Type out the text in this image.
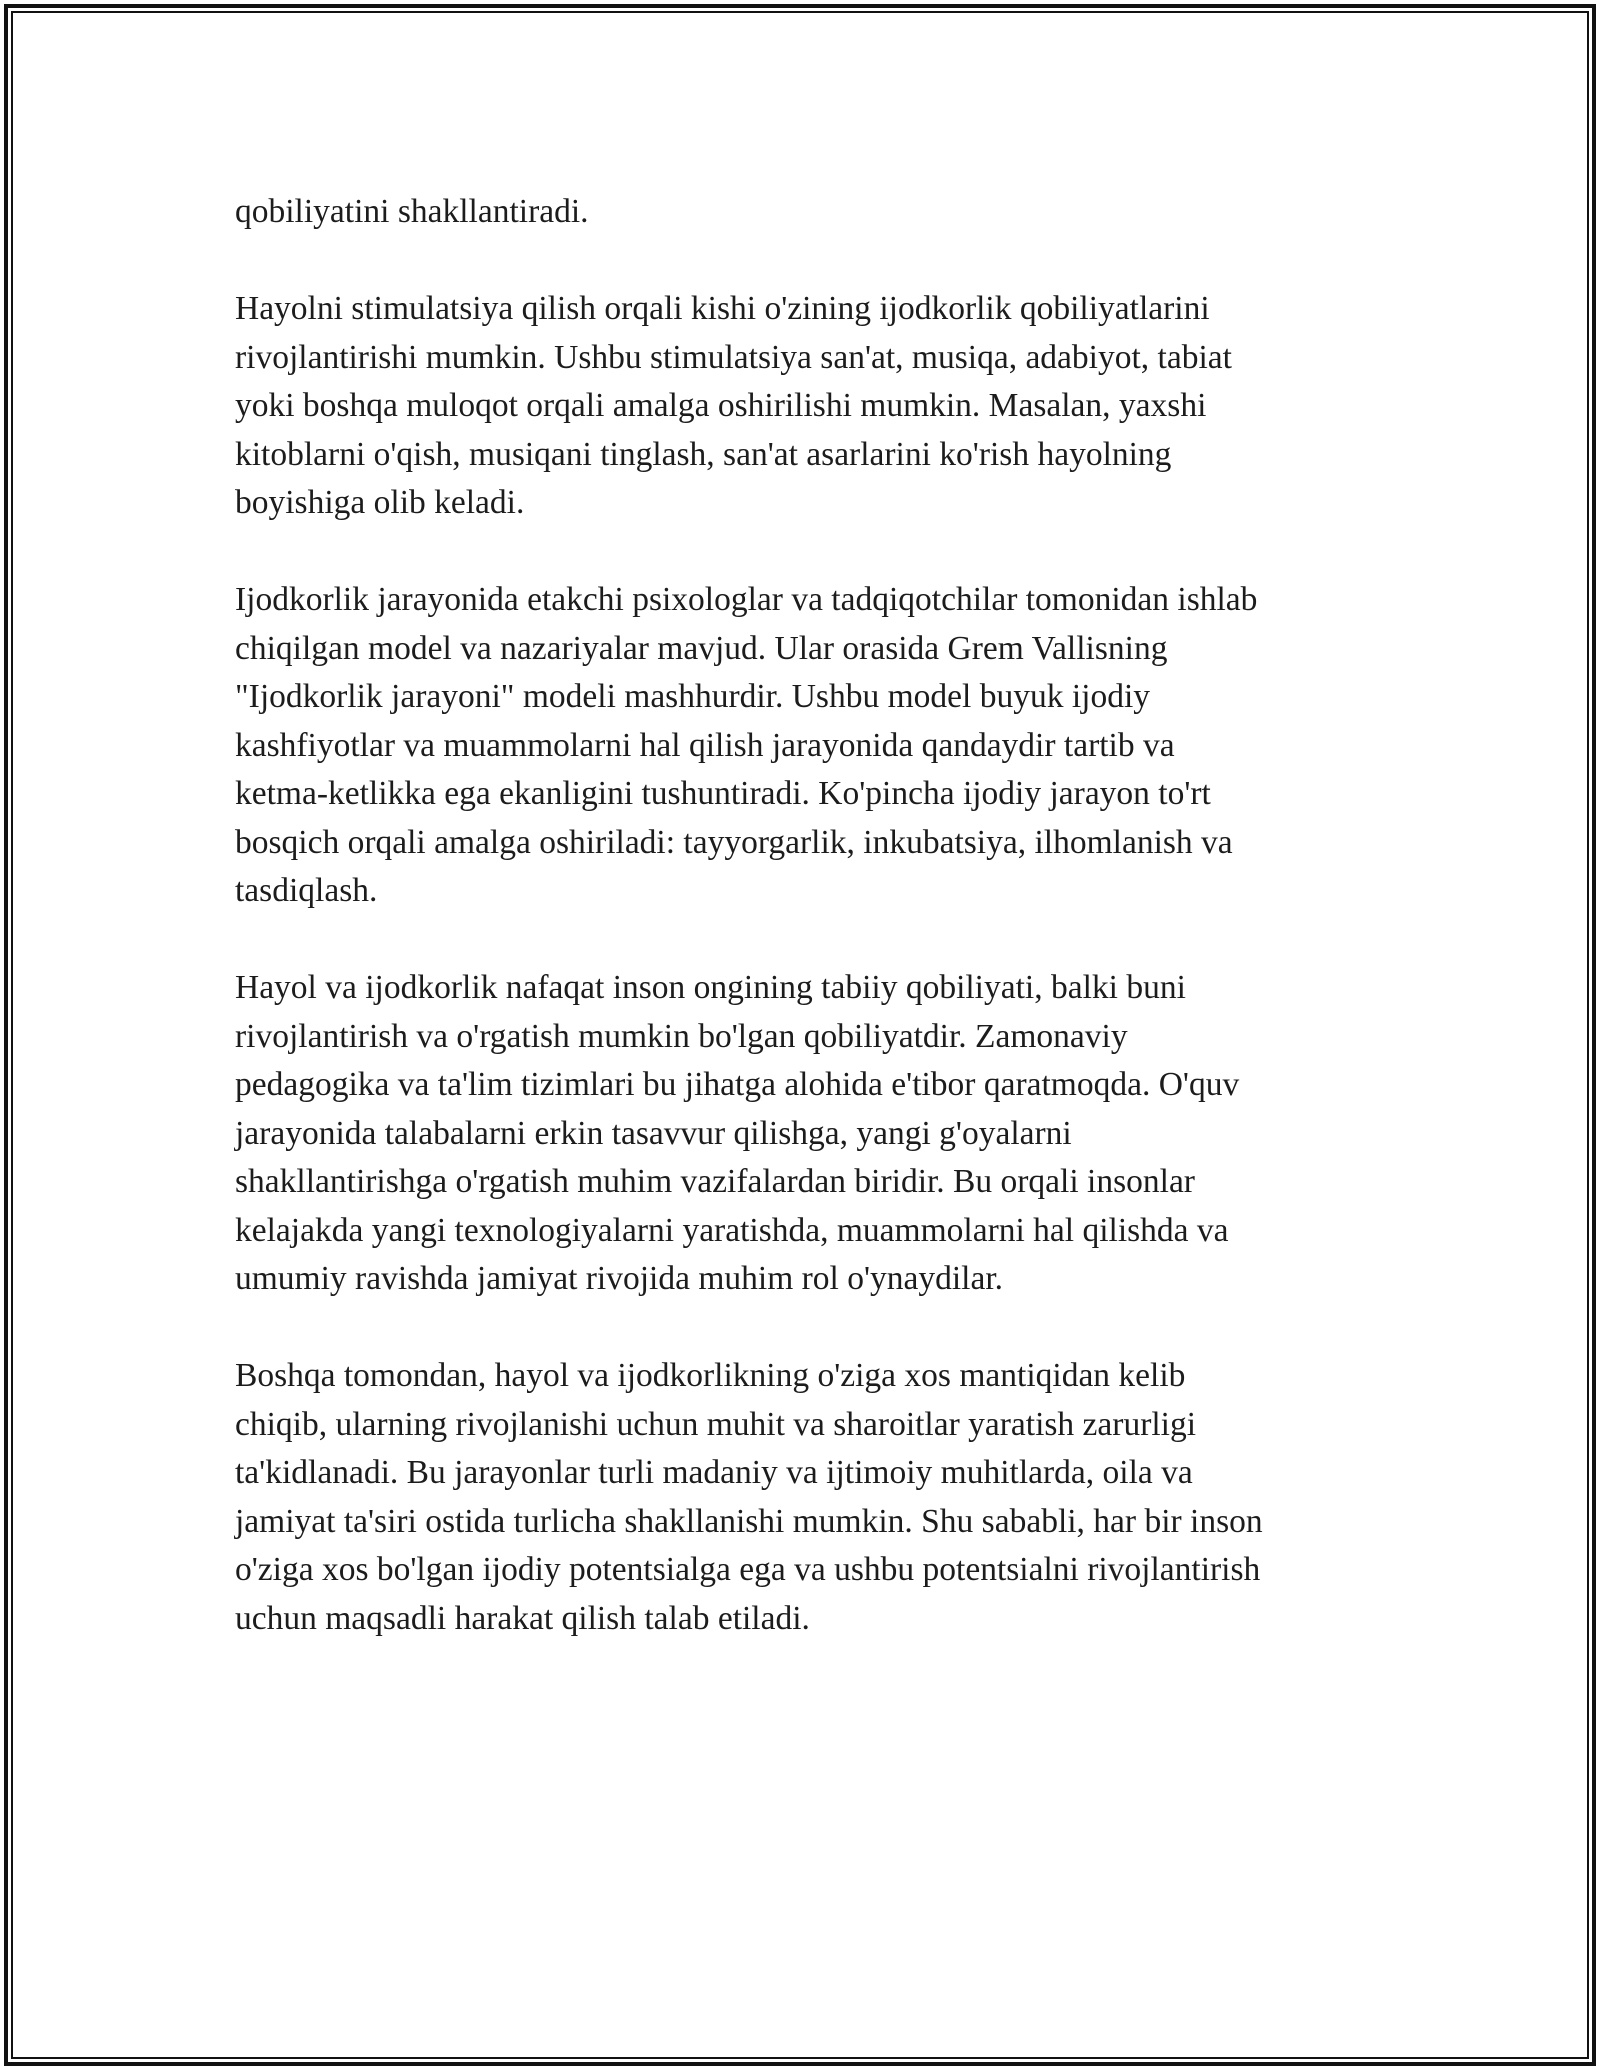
qobiliyatini shakllantiradi.

Hayolni stimulatsiya qilish orqali kishi o'zining ijodkorlik qobiliyatlarini
rivojlantirishi mumkin. Ushbu stimulatsiya san'at, musiqa, adabiyot, tabiat
yoki boshqa muloqot orqali amalga oshirilishi mumkin. Masalan, yaxshi
kitoblarni o'qish, musiqani tinglash, san'at asarlarini ko'rish hayolning
boyishiga olib keladi.

Ijodkorlik jarayonida etakchi psixologlar va tadqiqotchilar tomonidan ishlab
chiqilgan model va nazariyalar mavjud. Ular orasida Grem Vallisning
"Ijodkorlik jarayoni" modeli mashhurdir. Ushbu model buyuk ijodiy
kashfiyotlar va muammolarni hal qilish jarayonida qandaydir tartib va
ketma-ketlikka ega ekanligini tushuntiradi. Ko'pincha ijodiy jarayon to'rt
bosqich orqali amalga oshiriladi: tayyorgarlik, inkubatsiya, ilhomlanish va
tasdiqlash.

Hayol va ijodkorlik nafaqat inson ongining tabiiy qobiliyati, balki buni
rivojlantirish va o'rgatish mumkin bo'lgan qobiliyatdir. Zamonaviy
pedagogika va ta'lim tizimlari bu jihatga alohida e'tibor qaratmoqda. O'quv
jarayonida talabalarni erkin tasavvur qilishga, yangi g'oyalarni
shakllantirishga o'rgatish muhim vazifalardan biridir. Bu orqali insonlar
kelajakda yangi texnologiyalarni yaratishda, muammolarni hal qilishda va
umumiy ravishda jamiyat rivojida muhim rol o'ynaydilar.

Boshqa tomondan, hayol va ijodkorlikning o'ziga xos mantiqidan kelib
chiqib, ularning rivojlanishi uchun muhit va sharoitlar yaratish zarurligi
ta'kidlanadi. Bu jarayonlar turli madaniy va ijtimoiy muhitlarda, oila va
jamiyat ta'siri ostida turlicha shakllanishi mumkin. Shu sababli, har bir inson
o'ziga xos bo'lgan ijodiy potentsialga ega va ushbu potentsialni rivojlantirish
uchun maqsadli harakat qilish talab etiladi.
